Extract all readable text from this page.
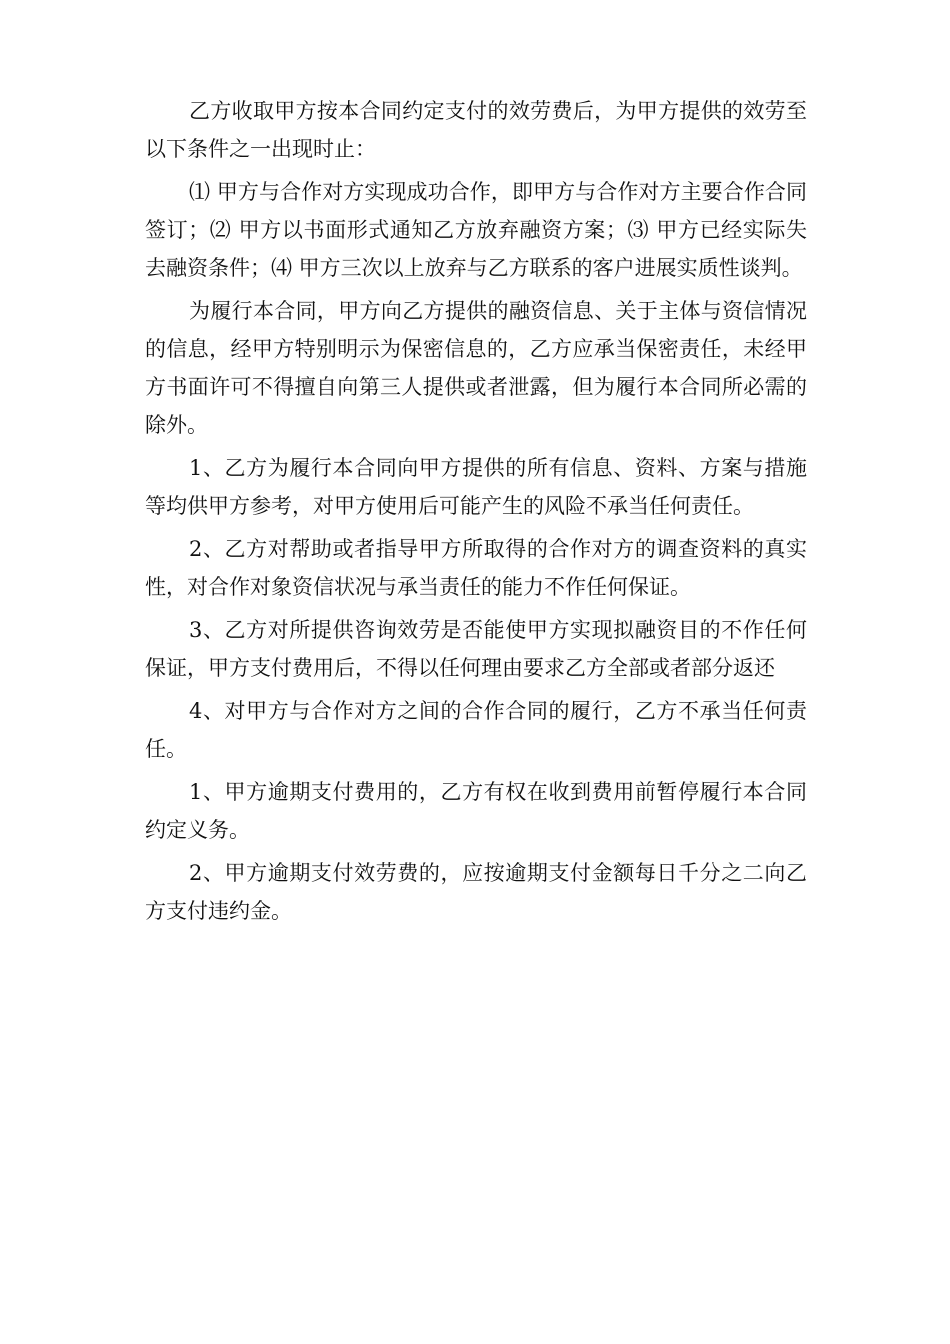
乙方收取甲方按本合同约定支付的效劳费后，为甲方提供的效劳至以下条件之一出现时止：

⑴ 甲方与合作对方实现成功合作，即甲方与合作对方主要合作合同签订；⑵ 甲方以书面形式通知乙方放弃融资方案；⑶ 甲方已经实际失去融资条件；⑷ 甲方三次以上放弃与乙方联系的客户进展实质性谈判。

为履行本合同，甲方向乙方提供的融资信息、关于主体与资信情况的信息，经甲方特别明示为保密信息的，乙方应承当保密责任，未经甲方书面许可不得擅自向第三人提供或者泄露，但为履行本合同所必需的除外。

1、乙方为履行本合同向甲方提供的所有信息、资料、方案与措施等均供甲方参考，对甲方使用后可能产生的风险不承当任何责任。

2、乙方对帮助或者指导甲方所取得的合作对方的调查资料的真实性，对合作对象资信状况与承当责任的能力不作任何保证。

3、乙方对所提供咨询效劳是否能使甲方实现拟融资目的不作任何保证，甲方支付费用后，不得以任何理由要求乙方全部或者部分返还

4、对甲方与合作对方之间的合作合同的履行，乙方不承当任何责任。

1、甲方逾期支付费用的，乙方有权在收到费用前暂停履行本合同约定义务。

2、甲方逾期支付效劳费的，应按逾期支付金额每日千分之二向乙方支付违约金。
